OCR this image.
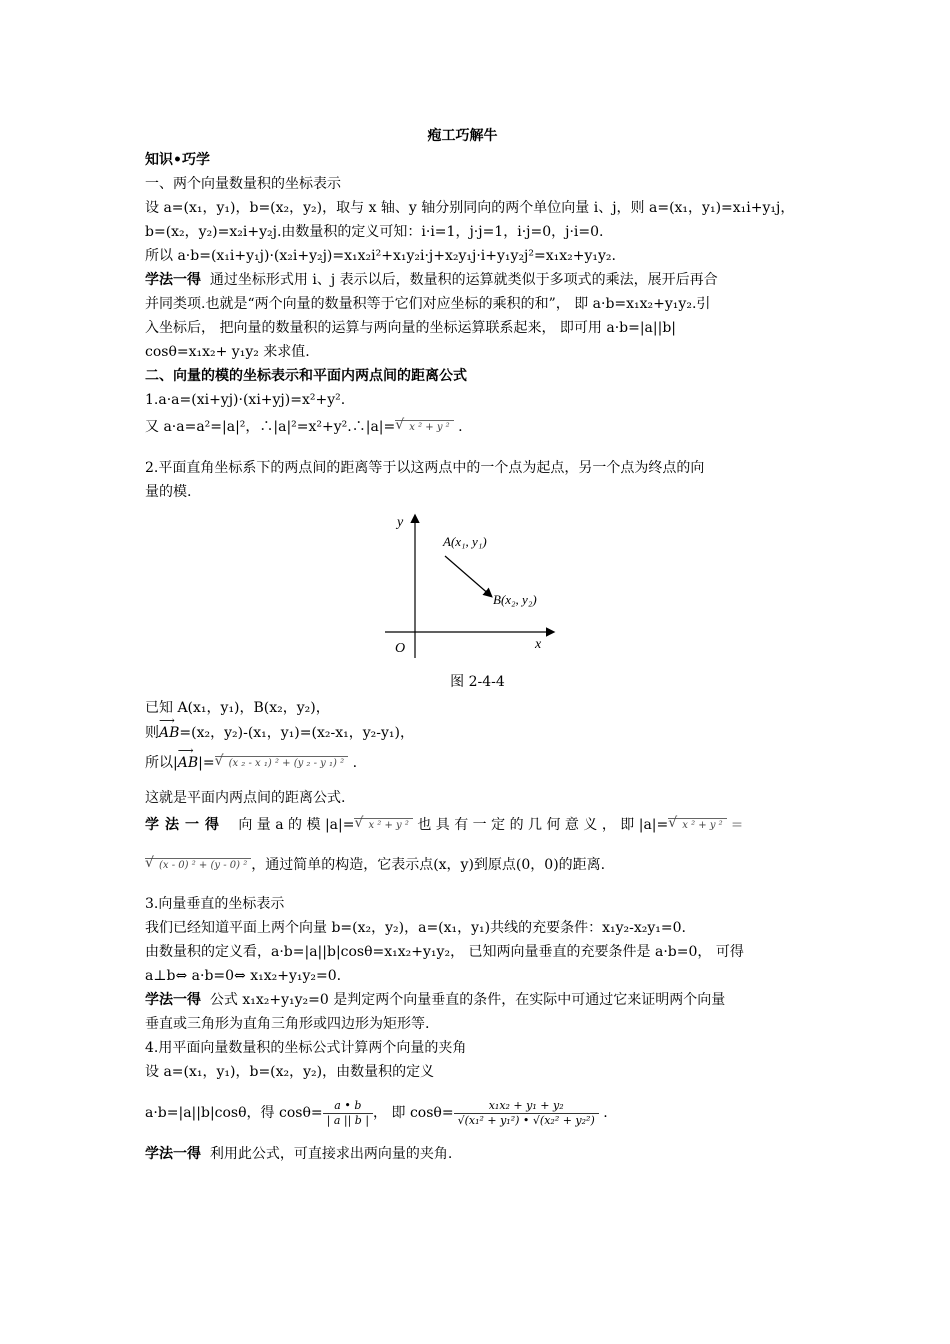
疱工巧解牛
知识•巧学
一、两个向量数量积的坐标表示
设 a=(x₁，y₁)，b=(x₂，y₂)，取与 x 轴、y 轴分别同向的两个单位向量 i、j，则 a=(x₁，y₁)=x₁i+y₁j，
b=(x₂，y₂)=x₂i+y₂j.由数量积的定义可知：i·i=1，j·j=1，i·j=0，j·i=0.
所以 a·b=(x₁i+y₁j)·(x₂i+y₂j)=x₁x₂i²+x₁y₂i·j+x₂y₁j·i+y₁y₂j²=x₁x₂+y₁y₂.
学法一得 通过坐标形式用 i、j 表示以后，数量积的运算就类似于多项式的乘法，展开后再合
并同类项.也就是“两个向量的数量积等于它们对应坐标的乘积的和”， 即 a·b=x₁x₂+y₁y₂.引
入坐标后， 把向量的数量积的运算与两向量的坐标运算联系起来， 即可用 a·b=|a||b|
cosθ=x₁x₂+ y₁y₂ 来求值.
二、向量的模的坐标表示和平面内两点间的距离公式
1.a·a=(xi+yj)·(xi+yj)=x²+y².
又 a·a=a²=|a|²，∴|a|²=x²+y².∴|a|= √ x ² + y ² .
2.平面直角坐标系下的两点间的距离等于以这两点中的一个点为起点，另一个点为终点的向
量的模.
y
x
O
A(x₁, y₁)
B(x₂, y₂)
图 2-4-4
已知 A(x₁，y₁)，B(x₂，y₂)，
则⟶ AB=(x₂，y₂)-(x₁，y₁)=(x₂-x₁，y₂-y₁)，
所以|⟶ AB|= √ (x ₂ - x ₁) ² + (y ₂ - y ₁) ² .
这就是平面内两点间的距离公式.
学法一得 向 量 a 的 模 |a|= √ x ² + y ² 也 具 有 一 定 的 几 何 意 义 ， 即 |a|= √ x ² + y ² =
√ (x - 0) ² + (y - 0) ² ，通过简单的构造，它表示点(x，y)到原点(0，0)的距离.
3.向量垂直的坐标表示
我们已经知道平面上两个向量 b=(x₂，y₂)，a=(x₁，y₁)共线的充要条件：x₁y₂-x₂y₁=0.
由数量积的定义看，a·b=|a||b|cosθ=x₁x₂+y₁y₂， 已知两向量垂直的充要条件是 a·b=0， 可得
a⊥b⇔ a·b=0⇔ x₁x₂+y₁y₂=0.
学法一得 公式 x₁x₂+y₁y₂=0 是判定两个向量垂直的条件，在实际中可通过它来证明两个向量
垂直或三角形为直角三角形或四边形为矩形等.
4.用平面向量数量积的坐标公式计算两个向量的夹角
设 a=(x₁，y₁)，b=(x₂，y₂)，由数量积的定义
a·b=|a||b|cosθ，得 $\cos\theta= \frac{a • b}{| a || b |}$ ， 即 $\cos\theta= \frac{\text{x₁x₂ + y₁ + y₂}}{\text{√(x₁² + y₁²) • √(x₂² + y₂²)}}$ .
学法一得 利用此公式，可直接求出两向量的夹角.
